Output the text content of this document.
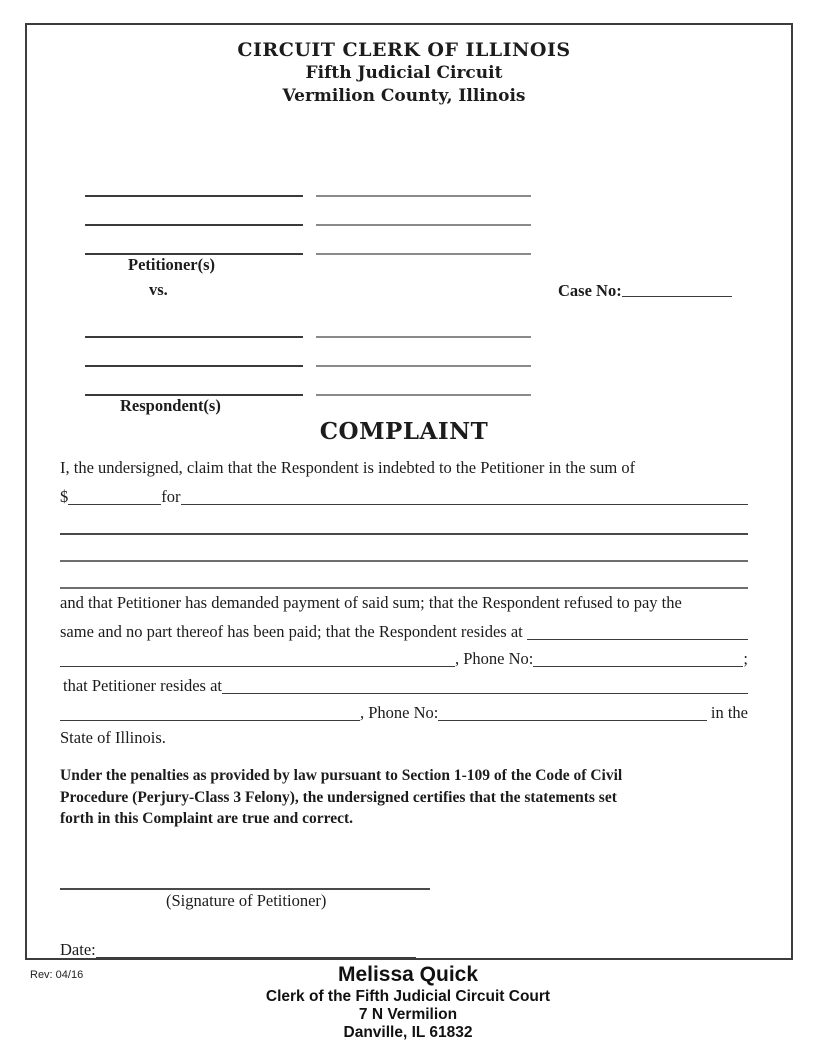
CIRCUIT CLERK OF ILLINOIS
Fifth Judicial Circuit
Vermilion County, Illinois
Petitioner(s)
vs.	Case No:
Respondent(s)
COMPLAINT
I, the undersigned, claim that the Respondent is indebted to the Petitioner in the sum of
$	for
and that Petitioner has demanded payment of said sum; that the Respondent refused to pay the
same and no part thereof has been paid; that the Respondent resides at
, Phone No:	;
that Petitioner resides at
, Phone No:	in the
State of Illinois.
Under the penalties as provided by law pursuant to Section 1-109 of the Code of Civil
Procedure (Perjury-Class 3 Felony), the undersigned certifies that the statements set
forth in this Complaint are true and correct.
(Signature of Petitioner)
Date:
Rev: 04/16	Melissa Quick
Clerk of the Fifth Judicial Circuit Court
7 N Vermilion
Danville, IL 61832
